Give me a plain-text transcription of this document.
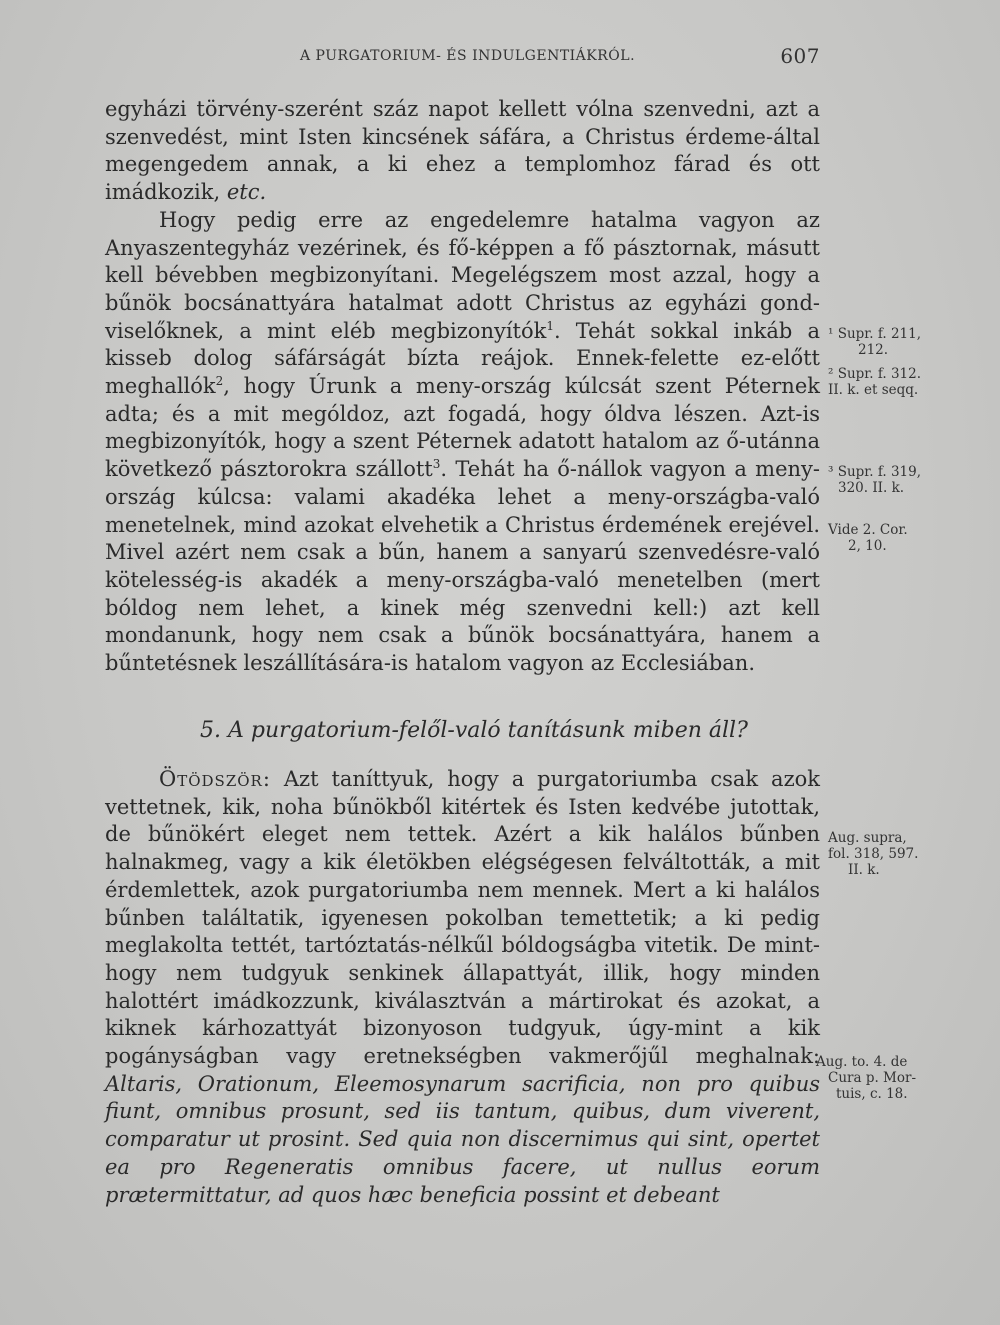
A PURGATORIUM- ÉS INDULGENTIÁKRÓL.	607

egyházi törvény-szerént száz napot kellett vólna szenvedni, azt a szenvedést, mint Isten kincsének sáfára, a Christus érdeme-által megengedem annak, a ki ehez a templomhoz fárad és ott imádkozik, etc.

Hogy pedig erre az engedelemre hatalma vagyon az Anyaszentegyház vezérinek, és fő-képpen a fő pásztornak, másutt kell bévebben megbizonyítani. Megelégszem most azzal, hogy a bűnök bocsánattyára hatalmat adott Christus az egyházi gond-viselőknek, a mint eléb megbizonyítók$^1$. Tehát sokkal inkáb a kisseb dolog sáfárságát bízta reájok. Ennek-felette ez-előtt meghallók$^2$, hogy Úrunk a meny-ország kúlcsát szent Péternek adta; és a mit mególdoz, azt fogadá, hogy óldva lészen. Azt-is megbizonyítók, hogy a szent Péternek adatott hatalom az ő-utánna következő pásztorokra szállott$^3$. Tehát ha ő-nállok vagyon a meny-ország kúlcsa: valami akadéka lehet a meny-országba-való menetelnek, mind azokat elvehetik a Christus érdemének erejével. Mivel azért nem csak a bűn, hanem a sanyarú szenvedésre-való kötelesség-is akadék a meny-országba-való menetelben (mert bóldog nem lehet, a kinek még szenvedni kell:) azt kell mondanunk, hogy nem csak a bűnök bocsánattyára, hanem a bűntetésnek leszállítására-is hatalom vagyon az Ecclesiában.

5. A purgatorium-felől-való tanításunk miben áll?

Ötödször: Azt taníttyuk, hogy a purgatoriumba csak azok vettetnek, kik, noha bűnökből kitértek és Isten kedvébe jutottak, de bűnökért eleget nem tettek. Azért a kik halálos bűnben halnakmeg, vagy a kik életökben elégségesen felváltották, a mit érdemlettek, azok purgatoriumba nem mennek. Mert a ki halálos bűnben találtatik, igyenesen pokolban temettetik; a ki pedig meglakolta tettét, tartóztatás-nélkűl bóldogságba vitetik. De mint-hogy nem tudgyuk senkinek állapattyát, illik, hogy minden halottért imádkozzunk, kiválasztván a mártirokat és azokat, a kiknek kárhozattyát bizonyoson tudgyuk, úgy-mint a kik pogányságban vagy eretnekségben vakmerőjűl meghalnak: Altaris, Orationum, Eleemosynarum sacrificia, non pro quibus fiunt, omnibus prosunt, sed iis tantum, quibus, dum viverent, comparatur ut prosint. Sed quia non discernimus qui sint, opertet ea pro Regeneratis omnibus facere, ut nullus eorum prætermittatur, ad quos hæc beneficia possint et debeant

¹ Supr. f. 211,
212.
² Supr. f. 312.
II. k. et seqq.
³ Supr. f. 319,
320. II. k.
Vide 2. Cor.
2, 10.
Aug. supra,
fol. 318, 597.
II. k.
Aug. to. 4. de
Cura p. Mor-
tuis, c. 18.
